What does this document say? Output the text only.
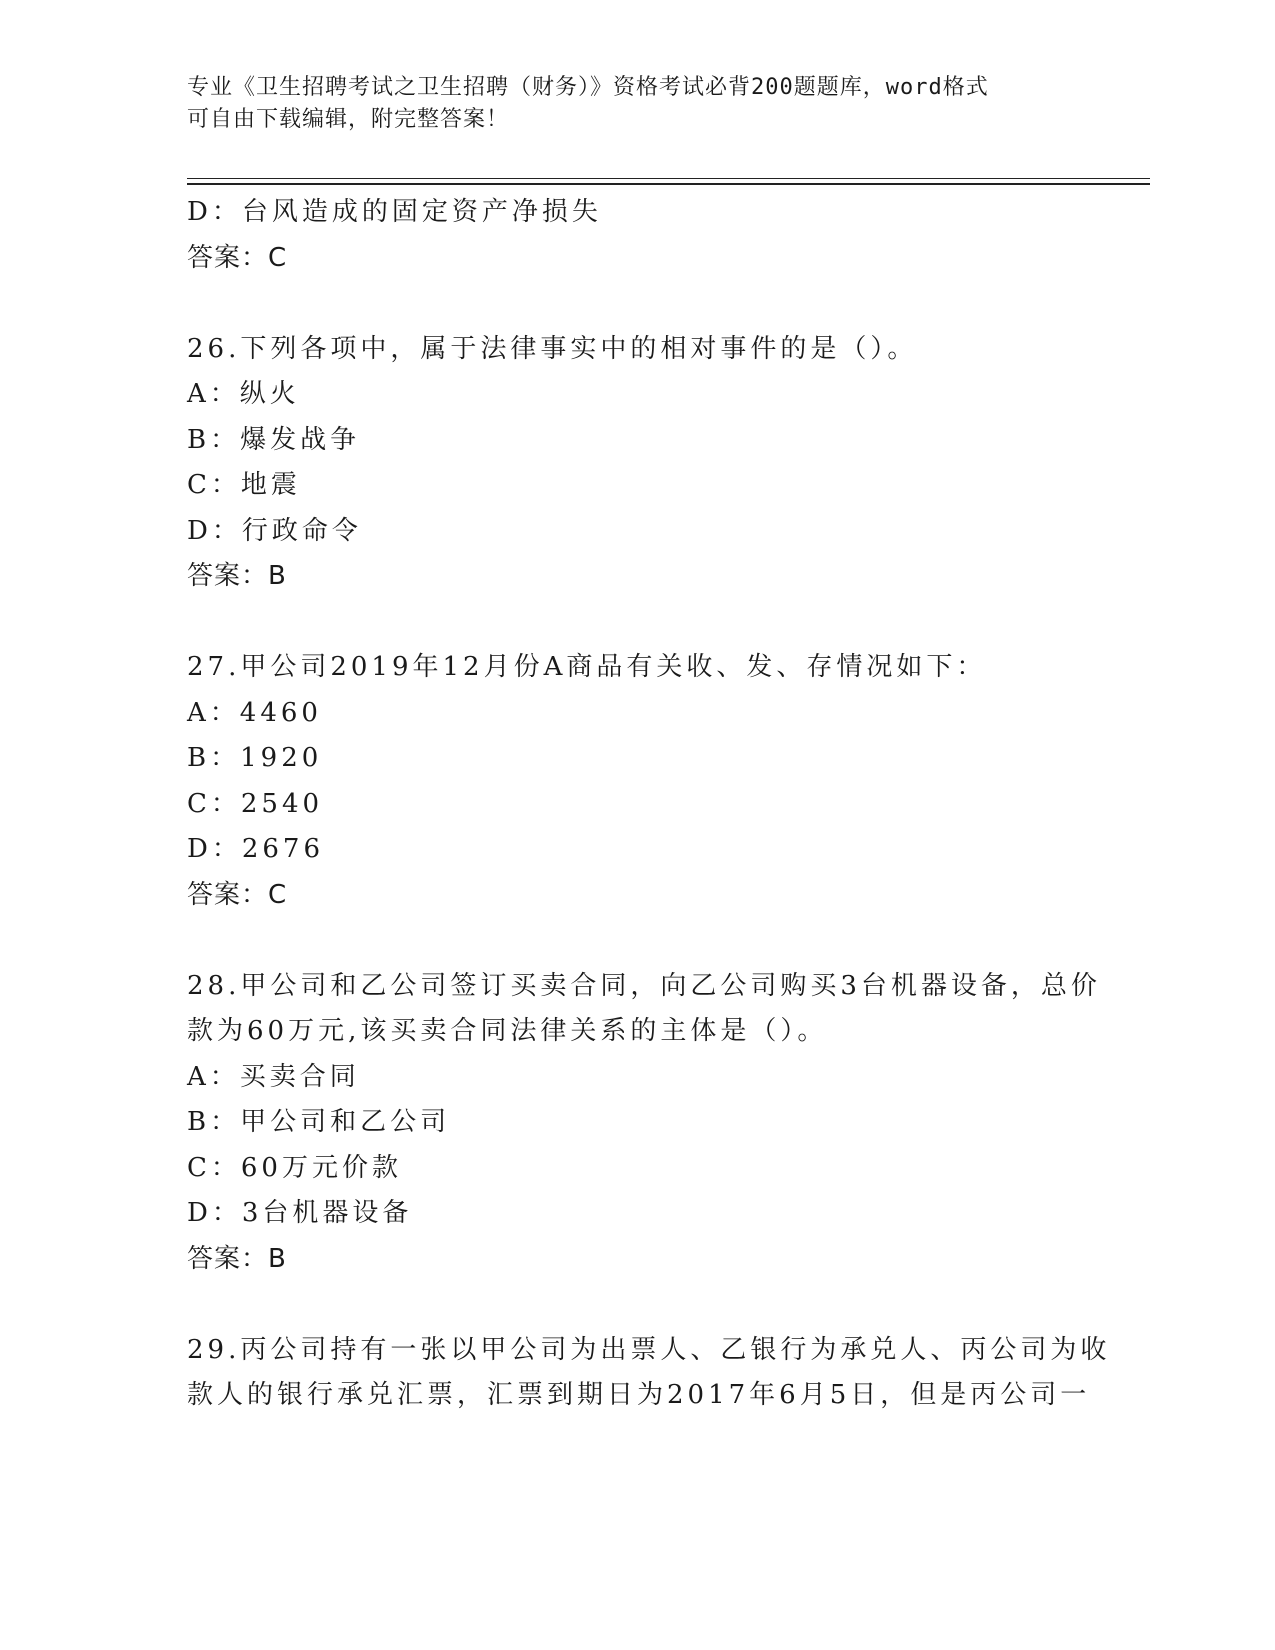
专业《卫生招聘考试之卫生招聘（财务）》资格考试必背200题题库，word格式
可自由下载编辑，附完整答案！
D：台风造成的固定资产净损失
答案：C
26.下列各项中，属于法律事实中的相对事件的是（）。
A：纵火
B：爆发战争
C：地震
D：行政命令
答案：B
27.甲公司2019年12月份A商品有关收、发、存情况如下：
A：4460
B：1920
C：2540
D：2676
答案：C
28.甲公司和乙公司签订买卖合同，向乙公司购买3台机器设备，总价
款为60万元,该买卖合同法律关系的主体是（）。
A：买卖合同
B：甲公司和乙公司
C：60万元价款
D：3台机器设备
答案：B
29.丙公司持有一张以甲公司为出票人、乙银行为承兑人、丙公司为收
款人的银行承兑汇票，汇票到期日为2017年6月5日，但是丙公司一
